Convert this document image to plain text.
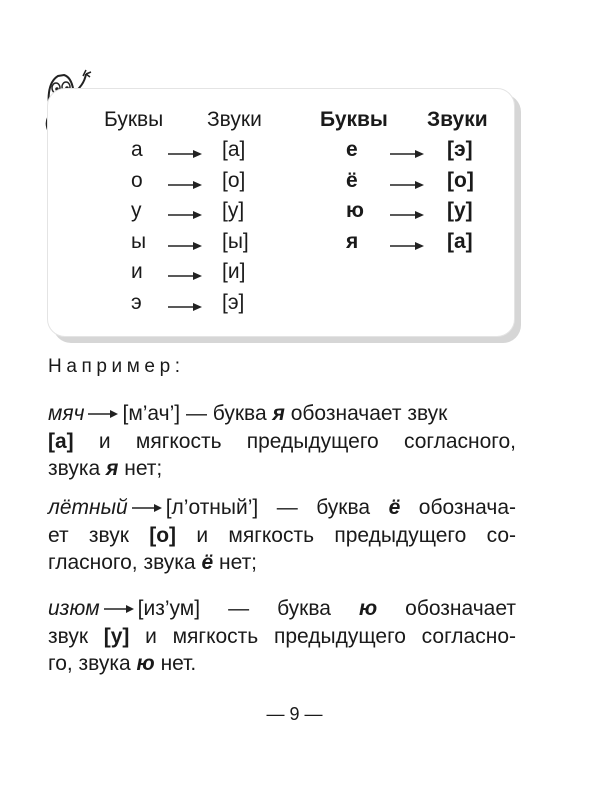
Буквы Звуки	Буквы Звуки
а	[а]
о	[о]
у	[у]
ы	[ы]
и	[и]
э	[э]
е	[э]
ё	[о]
ю	[у]
я	[а]
Например:
мяч [м’ач’] — буква я обозначает звук
[а] и мягкость предыдущего согласного,
звука я нет;
лётный [л’отный’] — буква ё обознача-
ет звук [о] и мягкость предыдущего со-
гласного, звука ё нет;
изюм [из’ум] — буква ю обозначает
звук [у] и мягкость предыдущего согласно-
го, звука ю нет.
— 9 —
